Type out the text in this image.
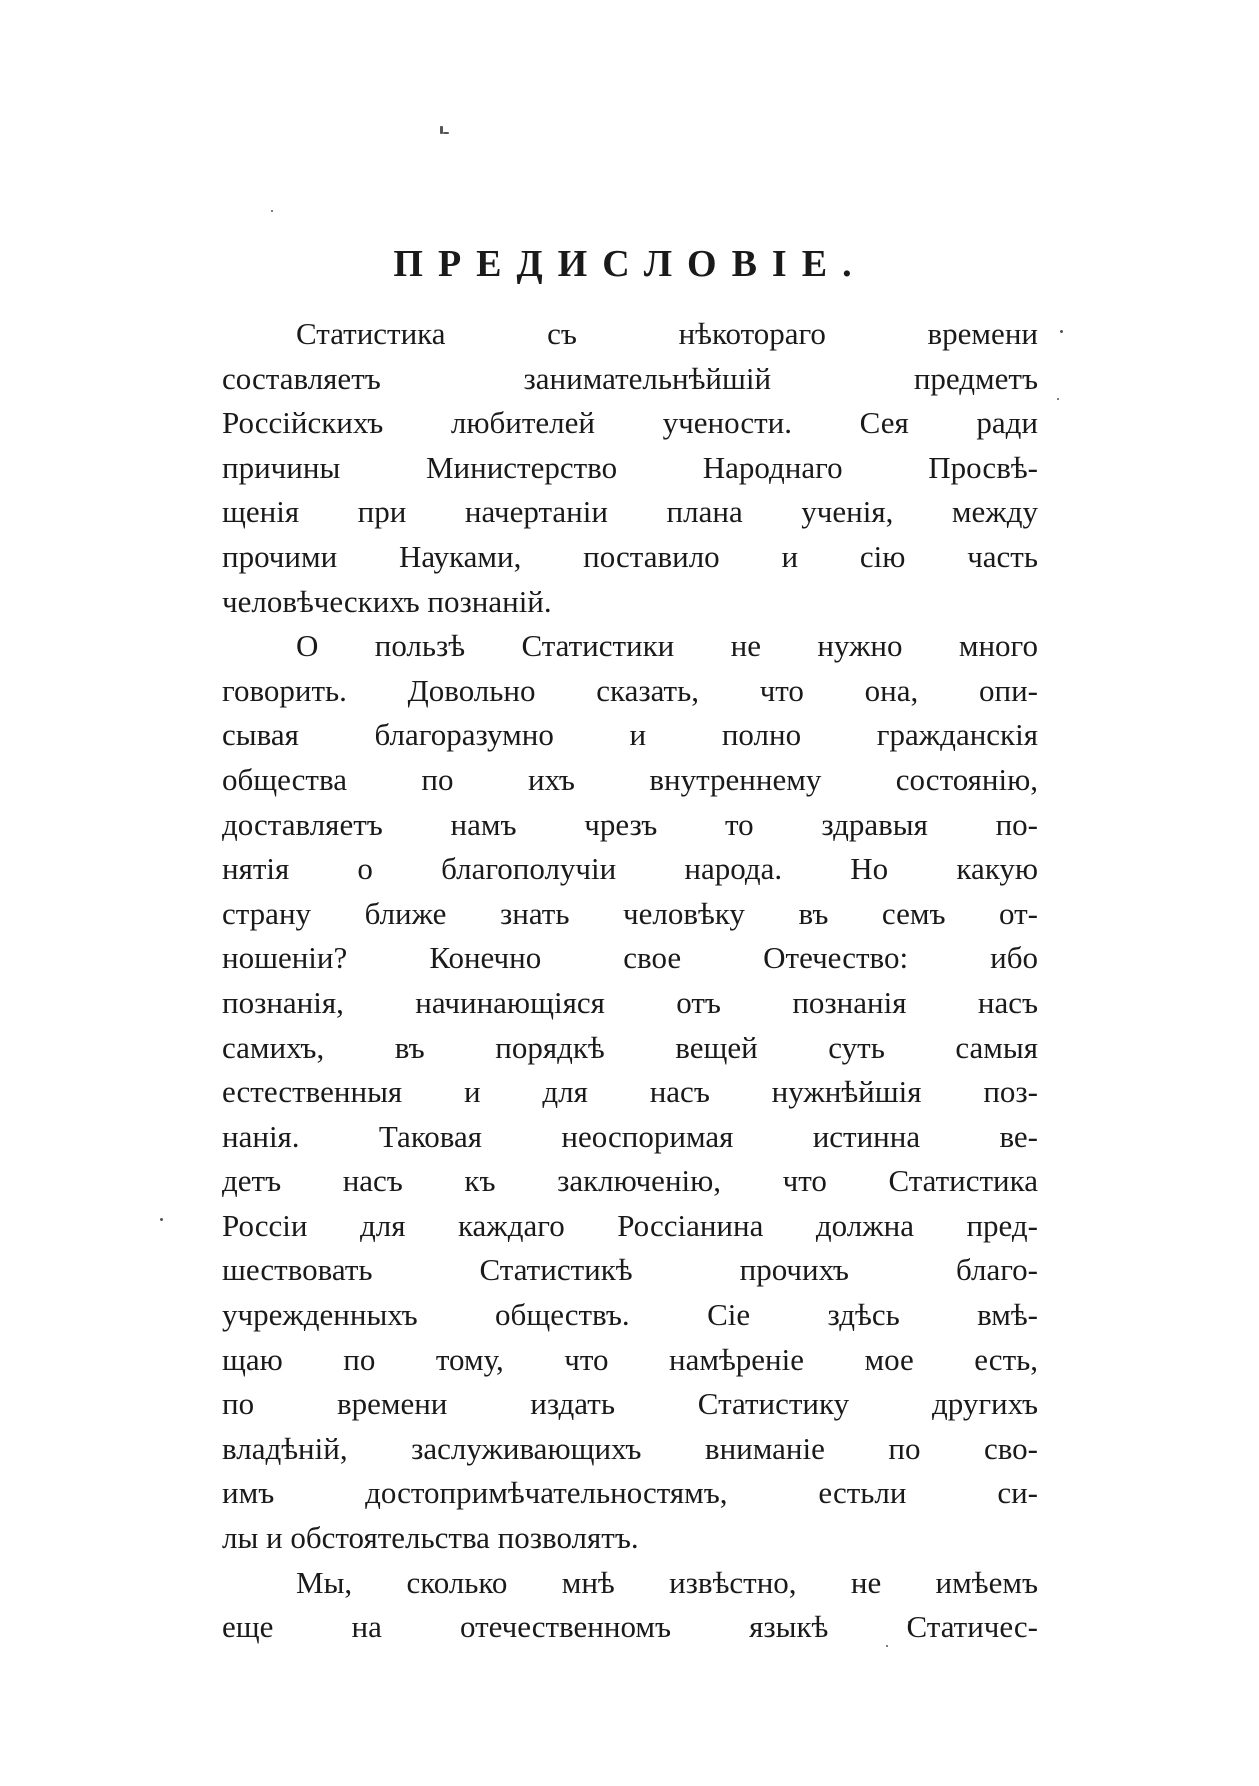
ПРЕДИСЛОВІЕ.
Статистика съ нѣкотораго времени
составляетъ занимательнѣйшій предметъ
Россійскихъ любителей учености. Сея ради
причины Министерство Народнаго Просвѣ-
щенія при начертаніи плана ученія, между
прочими Науками, поставило и сію часть
человѣческихъ познаній.
О пользѣ Статистики не нужно много
говорить. Довольно сказать, что она, опи-
сывая благоразумно и полно гражданскія
общества по ихъ внутреннему состоянію,
доставляетъ намъ чрезъ то здравыя по-
нятія о благополучіи народа. Но какую
страну ближе знать человѣку въ семъ от-
ношеніи? Конечно свое Отечество: ибо
познанія, начинающіяся отъ познанія насъ
самихъ, въ порядкѣ вещей суть самыя
естественныя и для насъ нужнѣйшія поз-
нанія. Таковая неоспоримая истинна ве-
детъ насъ къ заключенію, что Статистика
Россіи для каждаго Россіанина должна пред-
шествовать Статистикѣ прочихъ благо-
учрежденныхъ обществъ. Сіе здѣсь вмѣ-
щаю по тому, что намѣреніе мое есть,
по времени издать Статистику другихъ
владѣній, заслуживающихъ вниманіе по сво-
имъ достопримѣчательностямъ, естьли си-
лы и обстоятельства позволятъ.
Мы, сколько мнѣ извѣстно, не имѣемъ
еще на отечественномъ языкѣ Статичес-
